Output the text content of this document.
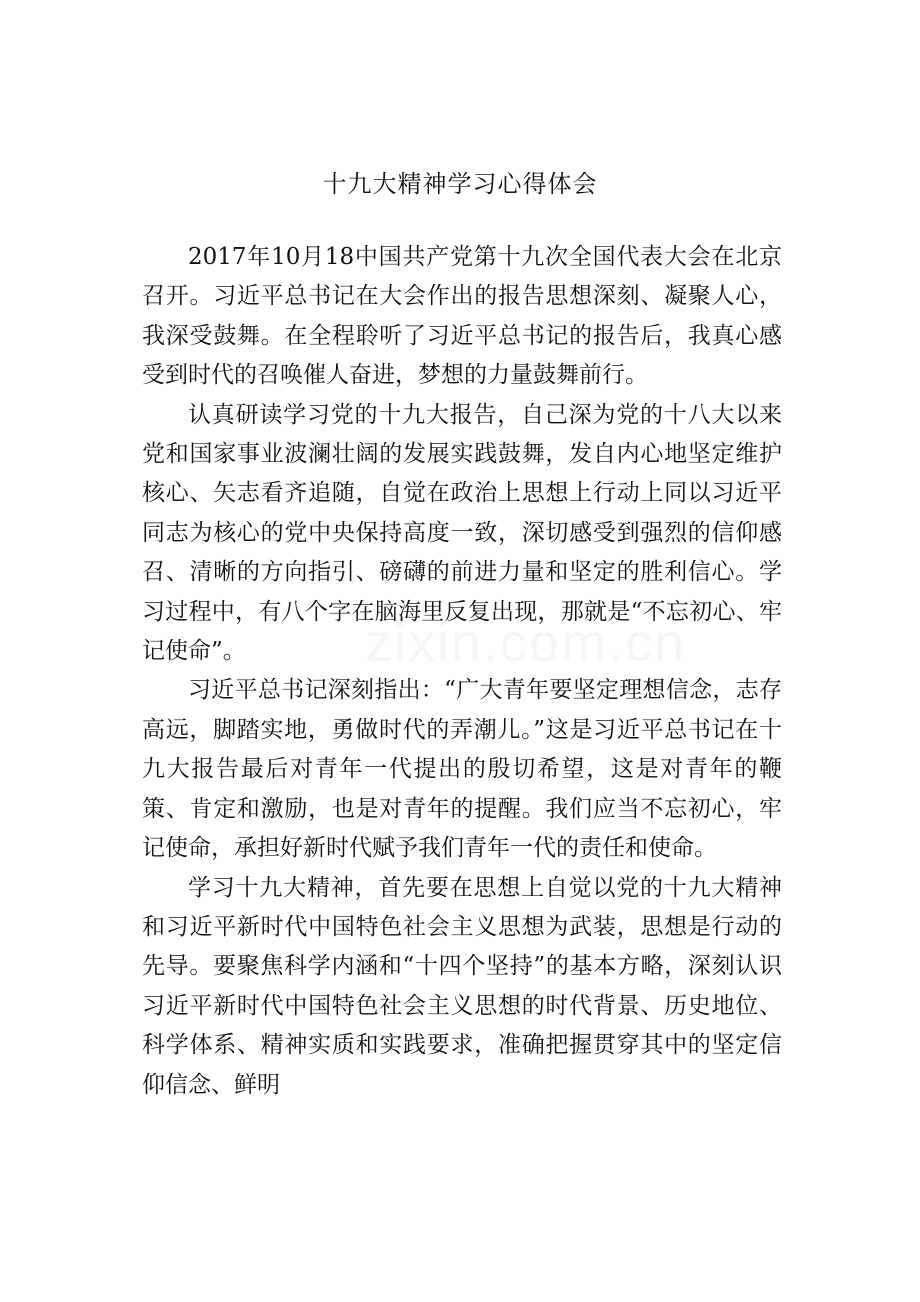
十九大精神学习心得体会

2017年10月18中国共产党第十九次全国代表大会在北京召开。习近平总书记在大会作出的报告思想深刻、凝聚人心，我深受鼓舞。在全程聆听了习近平总书记的报告后，我真心感受到时代的召唤催人奋进，梦想的力量鼓舞前行。

认真研读学习党的十九大报告，自己深为党的十八大以来党和国家事业波澜壮阔的发展实践鼓舞，发自内心地坚定维护核心、矢志看齐追随，自觉在政治上思想上行动上同以习近平同志为核心的党中央保持高度一致，深切感受到强烈的信仰感召、清晰的方向指引、磅礴的前进力量和坚定的胜利信心。学习过程中，有八个字在脑海里反复出现，那就是“不忘初心、牢记使命”。

习近平总书记深刻指出：“广大青年要坚定理想信念，志存高远，脚踏实地，勇做时代的弄潮儿。”这是习近平总书记在十九大报告最后对青年一代提出的殷切希望，这是对青年的鞭策、肯定和激励，也是对青年的提醒。我们应当不忘初心，牢记使命，承担好新时代赋予我们青年一代的责任和使命。

学习十九大精神，首先要在思想上自觉以党的十九大精神和习近平新时代中国特色社会主义思想为武装，思想是行动的先导。要聚焦科学内涵和“十四个坚持”的基本方略，深刻认识习近平新时代中国特色社会主义思想的时代背景、历史地位、科学体系、精神实质和实践要求，准确把握贯穿其中的坚定信仰信念、鲜明

zixin.com.cn
